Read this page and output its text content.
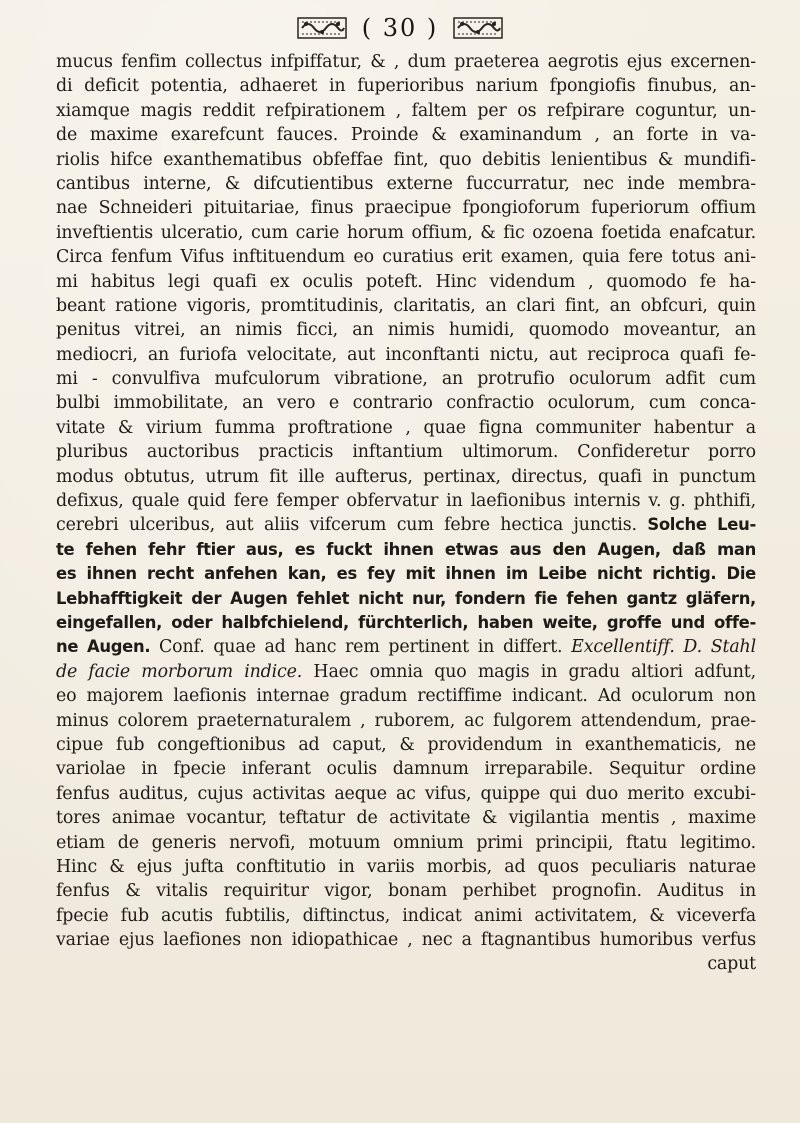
( 30 )
mucus fenfim collectus infpiffatur, & , dum praeterea aegrotis ejus excernen-
di deficit potentia, adhaeret in fuperioribus narium fpongiofis finubus, an-
xiamque magis reddit refpirationem , faltem per os refpirare coguntur, un-
de maxime exarefcunt fauces. Proinde & examinandum , an forte in va-
riolis hifce exanthematibus obfeffae fint, quo debitis lenientibus & mundifi-
cantibus interne, & difcutientibus externe fuccurratur, nec inde membra-
nae Schneideri pituitariae, finus praecipue fpongioforum fuperiorum offium
inveftientis ulceratio, cum carie horum offium, & fic ozoena foetida enafcatur.
Circa fenfum Vifus inftituendum eo curatius erit examen, quia fere totus ani-
mi habitus legi quafi ex oculis poteft. Hinc videndum , quomodo fe ha-
beant ratione vigoris, promtitudinis, claritatis, an clari fint, an obfcuri, quin
penitus vitrei, an nimis ficci, an nimis humidi, quomodo moveantur, an
mediocri, an furiofa velocitate, aut inconftanti nictu, aut reciproca quafi fe-
mi - convulfiva mufculorum vibratione, an protrufio oculorum adfit cum
bulbi immobilitate, an vero e contrario confractio oculorum, cum conca-
vitate & virium fumma proftratione , quae figna communiter habentur a
pluribus auctoribus practicis inftantium ultimorum. Confideretur porro
modus obtutus, utrum fit ille aufterus, pertinax, directus, quafi in punctum
defixus, quale quid fere femper obfervatur in laefionibus internis v. g. phthifi,
cerebri ulceribus, aut aliis vifcerum cum febre hectica junctis. Solche Leu-
te fehen fehr ftier aus, es fuckt ihnen etwas aus den Augen, daß man
es ihnen recht anfehen kan, es fey mit ihnen im Leibe nicht richtig. Die
Lebhafftigkeit der Augen fehlet nicht nur, fondern fie fehen gantz gläfern,
eingefallen, oder halbfchielend, fürchterlich, haben weite, groffe und offe-
ne Augen. Conf. quae ad hanc rem pertinent in differt. Excellentiff. D. Stahl
de facie morborum indice. Haec omnia quo magis in gradu altiori adfunt,
eo majorem laefionis internae gradum rectiffime indicant. Ad oculorum non
minus colorem praeternaturalem , ruborem, ac fulgorem attendendum, prae-
cipue fub congeftionibus ad caput, & providendum in exanthematicis, ne
variolae in fpecie inferant oculis damnum irreparabile. Sequitur ordine
fenfus auditus, cujus activitas aeque ac vifus, quippe qui duo merito excubi-
tores animae vocantur, teftatur de activitate & vigilantia mentis , maxime
etiam de generis nervofi, motuum omnium primi principii, ftatu legitimo.
Hinc & ejus jufta conftitutio in variis morbis, ad quos peculiaris naturae
fenfus & vitalis requiritur vigor, bonam perhibet prognofin. Auditus in
fpecie fub acutis fubtilis, diftinctus, indicat animi activitatem, & viceverfa
variae ejus laefiones non idiopathicae , nec a ftagnantibus humoribus verfus
caput
